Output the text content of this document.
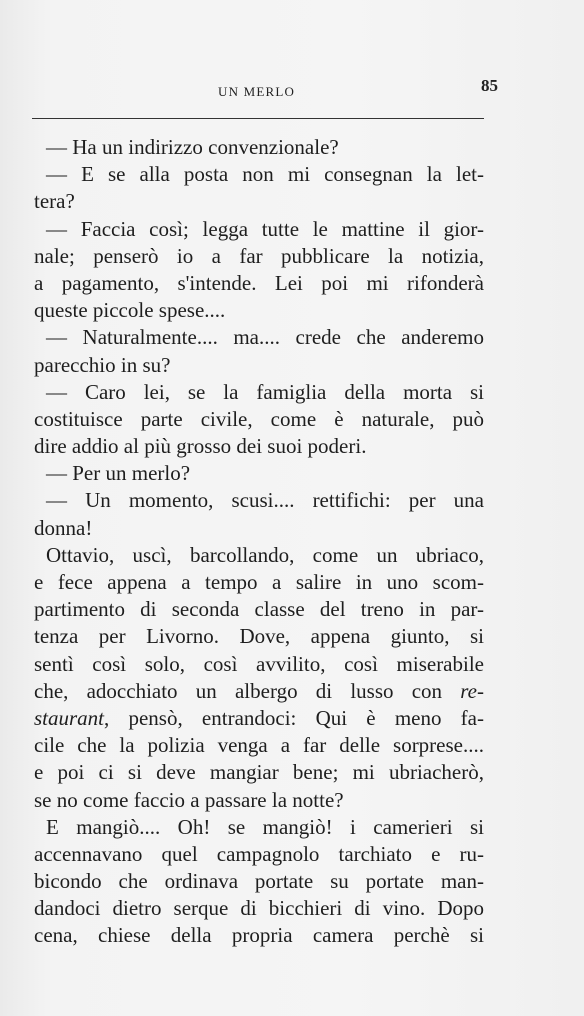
UN MERLO	85
— Ha un indirizzo convenzionale?
— E se alla posta non mi consegnan la let-
tera?
— Faccia così; legga tutte le mattine il gior-
nale; penserò io a far pubblicare la notizia,
a pagamento, s'intende. Lei poi mi rifonderà
queste piccole spese....
— Naturalmente.... ma.... crede che anderemo
parecchio in su?
— Caro lei, se la famiglia della morta si
costituisce parte civile, come è naturale, può
dire addio al più grosso dei suoi poderi.
— Per un merlo?
— Un momento, scusi.... rettifichi: per una
donna!
Ottavio, uscì, barcollando, come un ubriaco,
e fece appena a tempo a salire in uno scom-
partimento di seconda classe del treno in par-
tenza per Livorno. Dove, appena giunto, si
sentì così solo, così avvilito, così miserabile
che, adocchiato un albergo di lusso con re-
staurant, pensò, entrandoci: Qui è meno fa-
cile che la polizia venga a far delle sorprese....
e poi ci si deve mangiar bene; mi ubriacherò,
se no come faccio a passare la notte?
E mangiò.... Oh! se mangiò! i camerieri si
accennavano quel campagnolo tarchiato e ru-
bicondo che ordinava portate su portate man-
dandoci dietro serque di bicchieri di vino. Dopo
cena, chiese della propria camera perchè si
